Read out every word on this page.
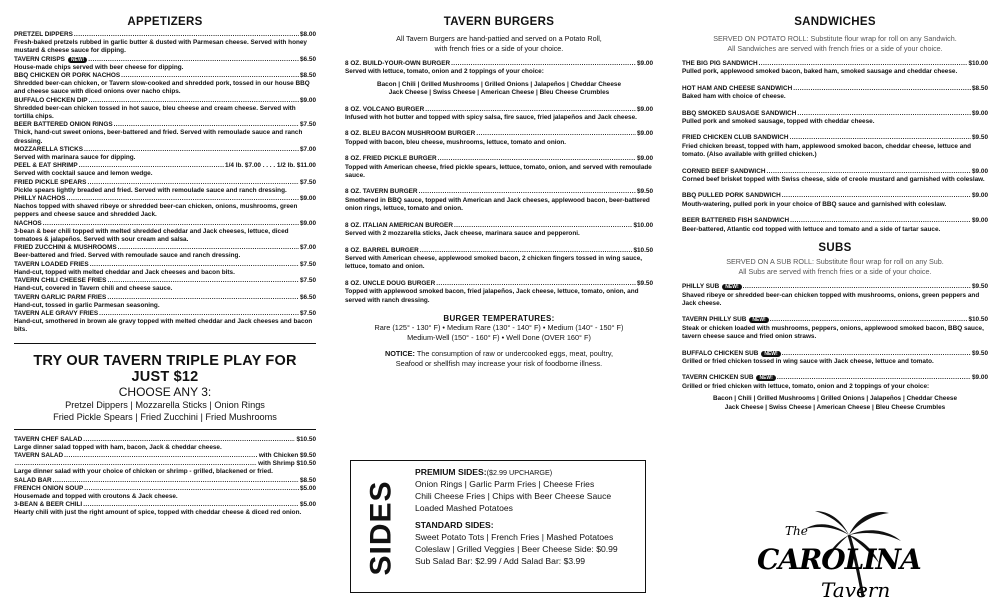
APPETIZERS
PRETZEL DIPPERS .....	$8.00
Fresh-baked pretzels rubbed in garlic butter & dusted with Parmesan cheese. Served with honey mustard & cheese sauce for dipping.
TAVERN CRISPS	NEW! .....	$6.50
House-made chips served with beer cheese for dipping.
BBQ CHICKEN OR PORK NACHOS .....	$8.50
Shredded beer-can chicken, or Tavern slow-cooked and shredded pork, tossed in our house BBQ and cheese sauce with diced onions over nacho chips.
BUFFALO CHICKEN DIP .....	$9.00
Shredded beer-can chicken tossed in hot sauce, bleu cheese and cream cheese. Served with tortilla chips.
BEER BATTERED ONION RINGS .....	$7.50
Thick, hand-cut sweet onions, beer-battered and fried. Served with remoulade sauce and ranch dressing.
MOZZARELLA STICKS .....	$7.00
Served with marinara sauce for dipping.
PEEL & EAT SHRIMP .....	1/4 lb. $7.00 . . . . 1/2 lb. $11.00
Served with cocktail sauce and lemon wedge.
FRIED PICKLE SPEARS .....	$7.50
Pickle spears lightly breaded and fried. Served with remoulade sauce and ranch dressing.
PHILLY NACHOS .....	$9.00
Nachos topped with shaved ribeye or shredded beer-can chicken, onions, mushrooms, green peppers and cheese sauce and shredded Jack.
NACHOS .....	$9.00
3-bean & beer chili topped with melted shredded cheddar and Jack cheeses, lettuce, diced tomatoes & jalapeños. Served with sour cream and salsa.
FRIED ZUCCHINI & MUSHROOMS .....	$7.00
Beer-battered and fried. Served with remoulade sauce and ranch dressing.
TAVERN LOADED FRIES .....	$7.50
Hand-cut, topped with melted cheddar and Jack cheeses and bacon bits.
TAVERN CHILI CHEESE FRIES .....	$7.50
Hand-cut, covered in Tavern chili and cheese sauce.
TAVERN GARLIC PARM FRIES .....	$6.50
Hand-cut, tossed in garlic Parmesan seasoning.
TAVERN ALE GRAVY FRIES .....	$7.50
Hand-cut, smothered in brown ale gravy topped with melted cheddar and Jack cheeses and bacon bits.
TRY OUR TAVERN TRIPLE PLAY FOR JUST $12
CHOOSE ANY 3:
Pretzel Dippers | Mozzarella Sticks | Onion Rings
Fried Pickle Spears | Fried Zucchini | Fried Mushrooms
TAVERN CHEF SALAD .....	$10.50
Large dinner salad topped with ham, bacon, Jack & cheddar cheese.
TAVERN SALAD .....	with Chicken $9.50
.....
with Shrimp $10.50
Large dinner salad with your choice of chicken or shrimp - grilled, blackened or fried.
SALAD BAR .....	$8.50
FRENCH ONION SOUP .....	$5.00
Housemade and topped with croutons & Jack cheese.
3-BEAN & BEER CHILI .....	$5.00
Hearty chili with just the right amount of spice, topped with cheddar cheese & diced red onion.
TAVERN BURGERS
All Tavern Burgers are hand-pattied and served on a Potato Roll,
with french fries or a side of your choice.
8 OZ. BUILD-YOUR-OWN BURGER .....	$9.00
Served with lettuce, tomato, onion and 2 toppings of your choice:
Bacon | Chili | Grilled Mushrooms | Grilled Onions | Jalapeños | Cheddar Cheese
Jack Cheese | Swiss Cheese | American Cheese | Bleu Cheese Crumbles
8 OZ. VOLCANO BURGER .....	$9.00
Infused with hot butter and topped with spicy salsa, fire sauce, fried jalapeños and Jack cheese.
8 OZ. BLEU BACON MUSHROOM BURGER .....	$9.00
Topped with bacon, bleu cheese, mushrooms, lettuce, tomato and onion.
8 OZ. FRIED PICKLE BURGER .....	$9.00
Topped with American cheese, fried pickle spears, lettuce, tomato, onion, and served with remoulade sauce.
8 OZ. TAVERN BURGER .....	$9.50
Smothered in BBQ sauce, topped with American and Jack cheeses, applewood bacon, beer-battered onion rings, lettuce, tomato and onion.
8 OZ. ITALIAN AMERICAN BURGER .....	$10.00
Served with 2 mozzarella sticks, Jack cheese, marinara sauce and pepperoni.
8 OZ. BARREL BURGER .....	$10.50
Served with American cheese, applewood smoked bacon, 2 chicken fingers tossed in wing sauce, lettuce, tomato and onion.
8 OZ. UNCLE DOUG BURGER .....	$9.50
Topped with applewood smoked bacon, fried jalapeños, Jack cheese, lettuce, tomato, onion, and served with ranch dressing.
BURGER TEMPERATURES:
Rare (125° - 130° F) • Medium Rare (130° - 140° F) • Medium (140° - 150° F)
Medium-Well (150° - 160° F) • Well Done (OVER 160° F)
NOTICE: The consumption of raw or undercooked eggs, meat, poultry,
Seafood or shellfish may increase your risk of foodborne illness.
SIDES
PREMIUM SIDES:($2.99 UPCHARGE)
Onion Rings | Garlic Parm Fries | Cheese Fries
Chili Cheese Fries | Chips with Beer Cheese Sauce
Loaded Mashed Potatoes
STANDARD SIDES:
Sweet Potato Tots | French Fries | Mashed Potatoes
Coleslaw | Grilled Veggies | Beer Cheese Side: $0.99
Sub Salad Bar: $2.99 / Add Salad Bar: $3.99
SANDWICHES
SERVED ON POTATO ROLL: Substitute flour wrap for roll on any Sandwich.
All Sandwiches are served with french fries or a side of your choice.
THE BIG PIG SANDWICH .....	$10.00
Pulled pork, applewood smoked bacon, baked ham, smoked sausage and cheddar cheese.
HOT HAM AND CHEESE SANDWICH .....	$8.50
Baked ham with choice of cheese.
BBQ SMOKED SAUSAGE SANDWICH .....	$9.00
Pulled pork and smoked sausage, topped with cheddar cheese.
FRIED CHICKEN CLUB SANDWICH .....	$9.50
Fried chicken breast, topped with ham, applewood smoked bacon, cheddar cheese, lettuce and tomato. (Also available with grilled chicken.)
CORNED BEEF SANDWICH .....	$9.00
Corned beef brisket topped with Swiss cheese, side of creole mustard and garnished with coleslaw.
BBQ PULLED PORK SANDWICH .....	$9.00
Mouth-watering, pulled pork in your choice of BBQ sauce and garnished with coleslaw.
BEER BATTERED FISH SANDWICH .....	$9.00
Beer-battered, Atlantic cod topped with lettuce and tomato and a side of tartar sauce.
SUBS
SERVED ON A SUB ROLL: Substitute flour wrap for roll on any Sub.
All Subs are served with french fries or a side of your choice.
PHILLY SUB	NEW! .....	$9.50
Shaved ribeye or shredded beer-can chicken topped with mushrooms, onions, green peppers and Jack cheese.
TAVERN PHILLY SUB	NEW! .....	$10.50
Steak or chicken loaded with mushrooms, peppers, onions, applewood smoked bacon, BBQ sauce, tavern cheese sauce and fried onion straws.
BUFFALO CHICKEN SUB	NEW! .....	$9.50
Grilled or fried chicken tossed in wing sauce with Jack cheese, lettuce and tomato.
TAVERN CHICKEN SUB	NEW! .....	$9.00
Grilled or fried chicken with lettuce, tomato, onion and 2 toppings of your choice:
Bacon | Chili | Grilled Mushrooms | Grilled Onions | Jalapeños | Cheddar Cheese
Jack Cheese | Swiss Cheese | American Cheese | Bleu Cheese Crumbles
The
CAROLINA
Tavern
